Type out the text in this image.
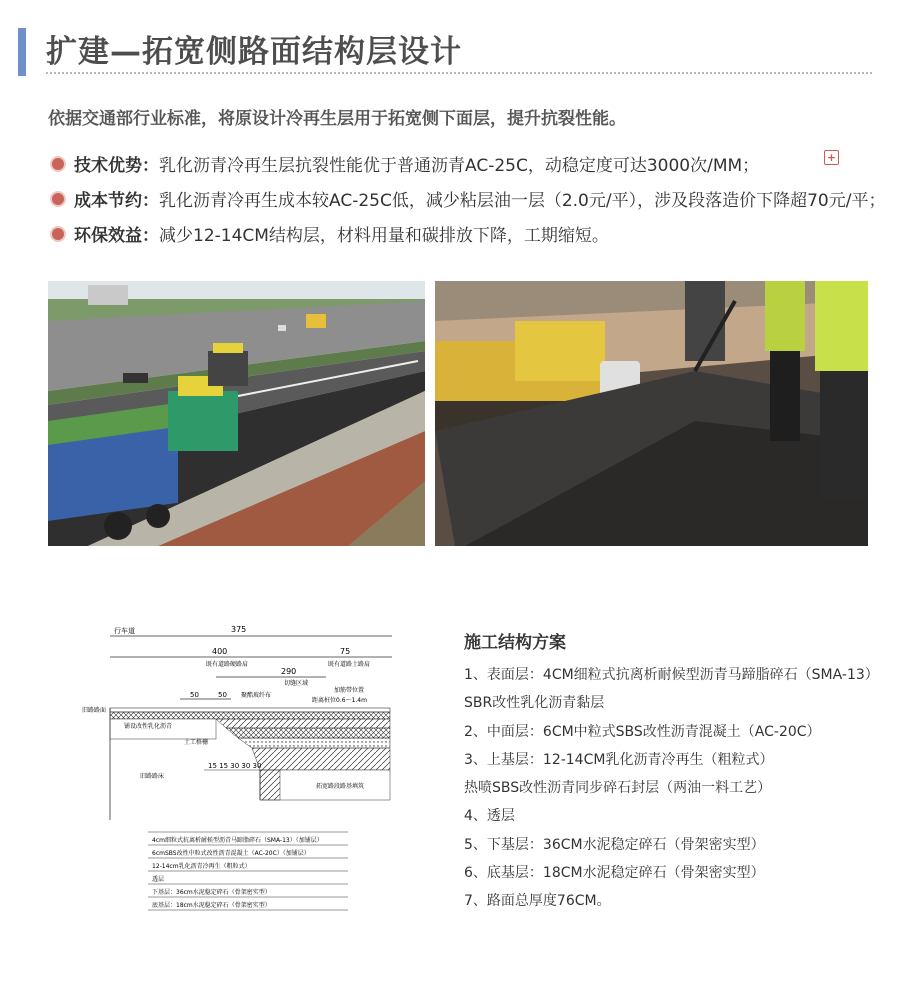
扩建—拓宽侧路面结构层设计
依据交通部行业标准，将原设计冷再生层用于拓宽侧下面层，提升抗裂性能。
技术优势： 乳化沥青冷再生层抗裂性能优于普通沥青AC-25C，动稳定度可达3000次/MM；
成本节约： 乳化沥青冷再生成本较AC-25C低，减少粘层油一层（2.0元/平），涉及段落造价下降超70元/平；
环保效益： 减少12-14CM结构层，材料用量和碳排放下降，工期缩短。
+
行车道	375
400	75
既有道路硬路肩	既有道路土路肩
290
切缝区域
加筋带位置
50	50 聚酯玻纤布
距离桩位0.6～1.4m
旧路路面
铺设改性乳化沥青
土工格栅
拓宽路段路基填筑
旧路路床
15 15 30 30 30
4cm细粒式抗离析耐候型沥青马蹄脂碎石（SMA-13）（加铺层）
6cmSBS改性中粒式改性沥青混凝土（AC-20C）（加铺层）
12-14cm乳化沥青冷再生（粗粒式）
透层
下基层：36cm水泥稳定碎石（骨架密实型）
底基层：18cm水泥稳定碎石（骨架密实型）
施工结构方案
1、表面层：4CM细粒式抗离析耐候型沥青马蹄脂碎石（SMA-13）
SBR改性乳化沥青黏层
2、中面层：6CM中粒式SBS改性沥青混凝土（AC-20C）
3、上基层：12-14CM乳化沥青冷再生（粗粒式）
热喷SBS改性沥青同步碎石封层（两油一料工艺）
4、透层
5、下基层：36CM水泥稳定碎石（骨架密实型）
6、底基层：18CM水泥稳定碎石（骨架密实型）
7、路面总厚度76CM。
